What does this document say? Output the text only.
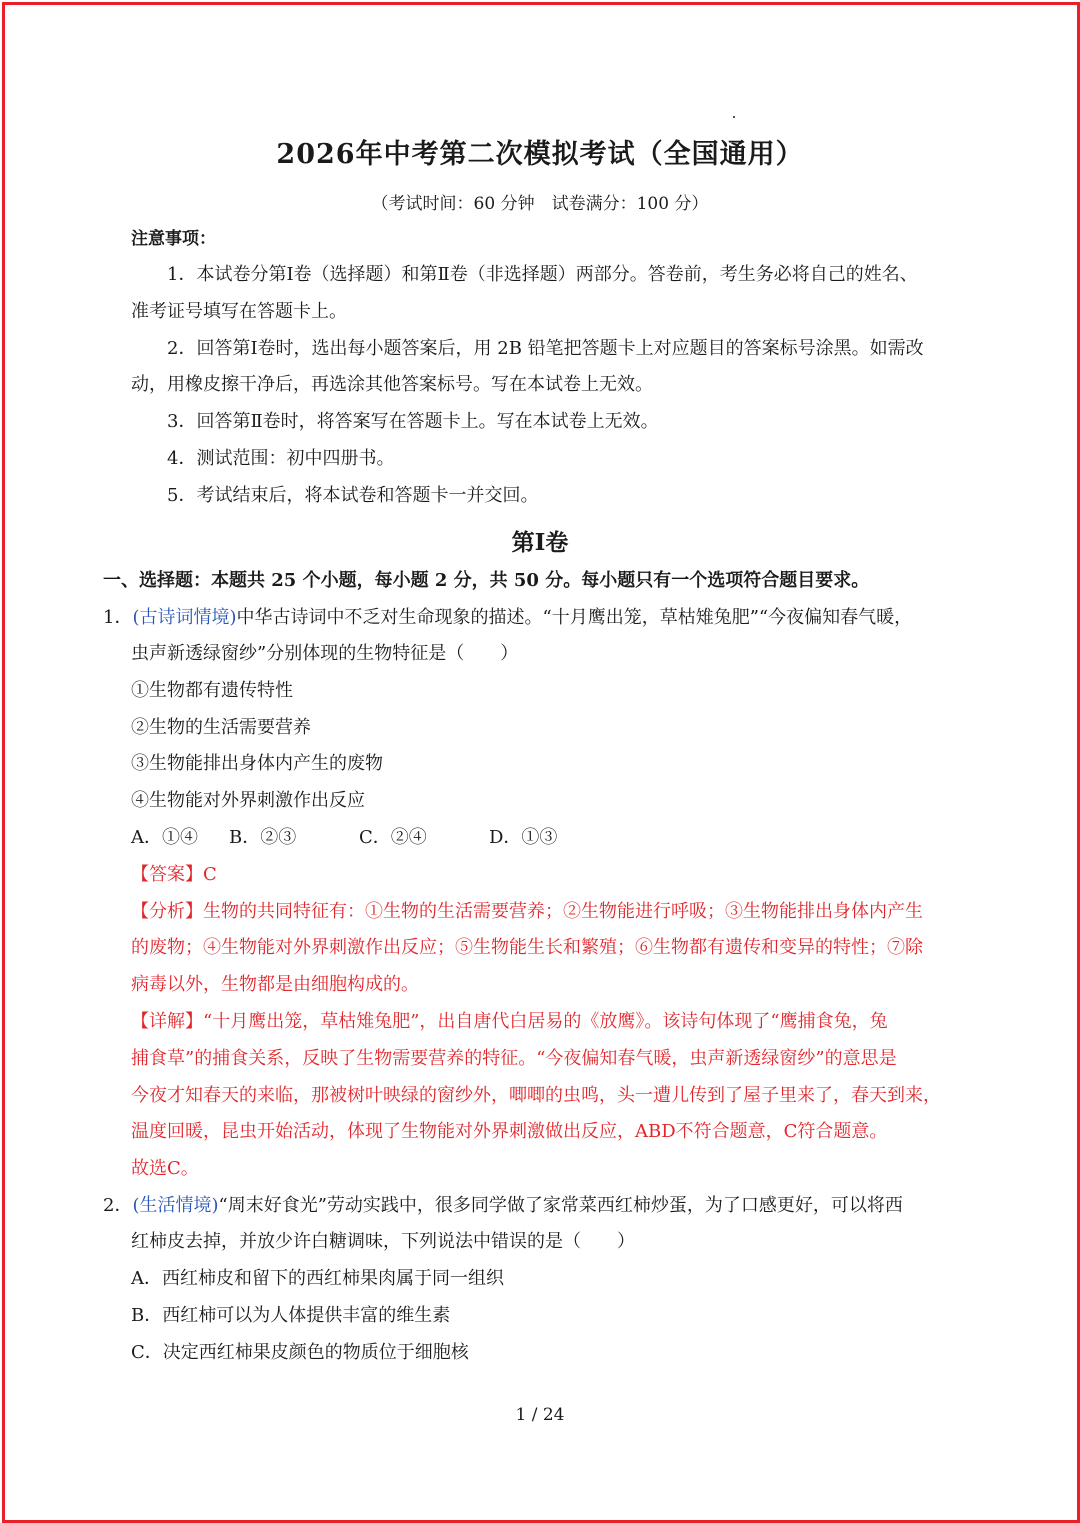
2026年中考第二次模拟考试（全国通用）
（考试时间：60 分钟　试卷满分：100 分）
注意事项：
1．本试卷分第Ⅰ卷（选择题）和第Ⅱ卷（非选择题）两部分。答卷前，考生务必将自己的姓名、
准考证号填写在答题卡上。
2．回答第Ⅰ卷时，选出每小题答案后，用 2B 铅笔把答题卡上对应题目的答案标号涂黑。如需改
动，用橡皮擦干净后，再选涂其他答案标号。写在本试卷上无效。
3．回答第Ⅱ卷时，将答案写在答题卡上。写在本试卷上无效。
4．测试范围：初中四册书。
5．考试结束后，将本试卷和答题卡一并交回。
第Ⅰ卷
一、选择题：本题共 25 个小题，每小题 2 分，共 50 分。每小题只有一个选项符合题目要求。
1．(古诗词情境)中华古诗词中不乏对生命现象的描述。“十月鹰出笼，草枯雉兔肥”“今夜偏知春气暖，
虫声新透绿窗纱”分别体现的生物特征是（　　）
①生物都有遗传特性
②生物的生活需要营养
③生物能排出身体内产生的废物
④生物能对外界刺激作出反应
A．①④ B．②③	C．②④	D．①③
【答案】C
【分析】生物的共同特征有：①生物的生活需要营养；②生物能进行呼吸；③生物能排出身体内产生
的废物；④生物能对外界刺激作出反应；⑤生物能生长和繁殖；⑥生物都有遗传和变异的特性；⑦除
病毒以外，生物都是由细胞构成的。
【详解】“十月鹰出笼，草枯雉兔肥”，出自唐代白居易的《放鹰》。该诗句体现了“鹰捕食兔，兔
捕食草”的捕食关系，反映了生物需要营养的特征。“今夜偏知春气暖，虫声新透绿窗纱”的意思是
今夜才知春天的来临，那被树叶映绿的窗纱外，唧唧的虫鸣，头一遭儿传到了屋子里来了，春天到来，
温度回暖，昆虫开始活动，体现了生物能对外界刺激做出反应，ABD不符合题意，C符合题意。
故选C。
2．(生活情境)“周末好食光”劳动实践中，很多同学做了家常菜西红柿炒蛋，为了口感更好，可以将西
红柿皮去掉，并放少许白糖调味，下列说法中错误的是（　　）
A．西红柿皮和留下的西红柿果肉属于同一组织
B．西红柿可以为人体提供丰富的维生素
C．决定西红柿果皮颜色的物质位于细胞核
1 / 24
